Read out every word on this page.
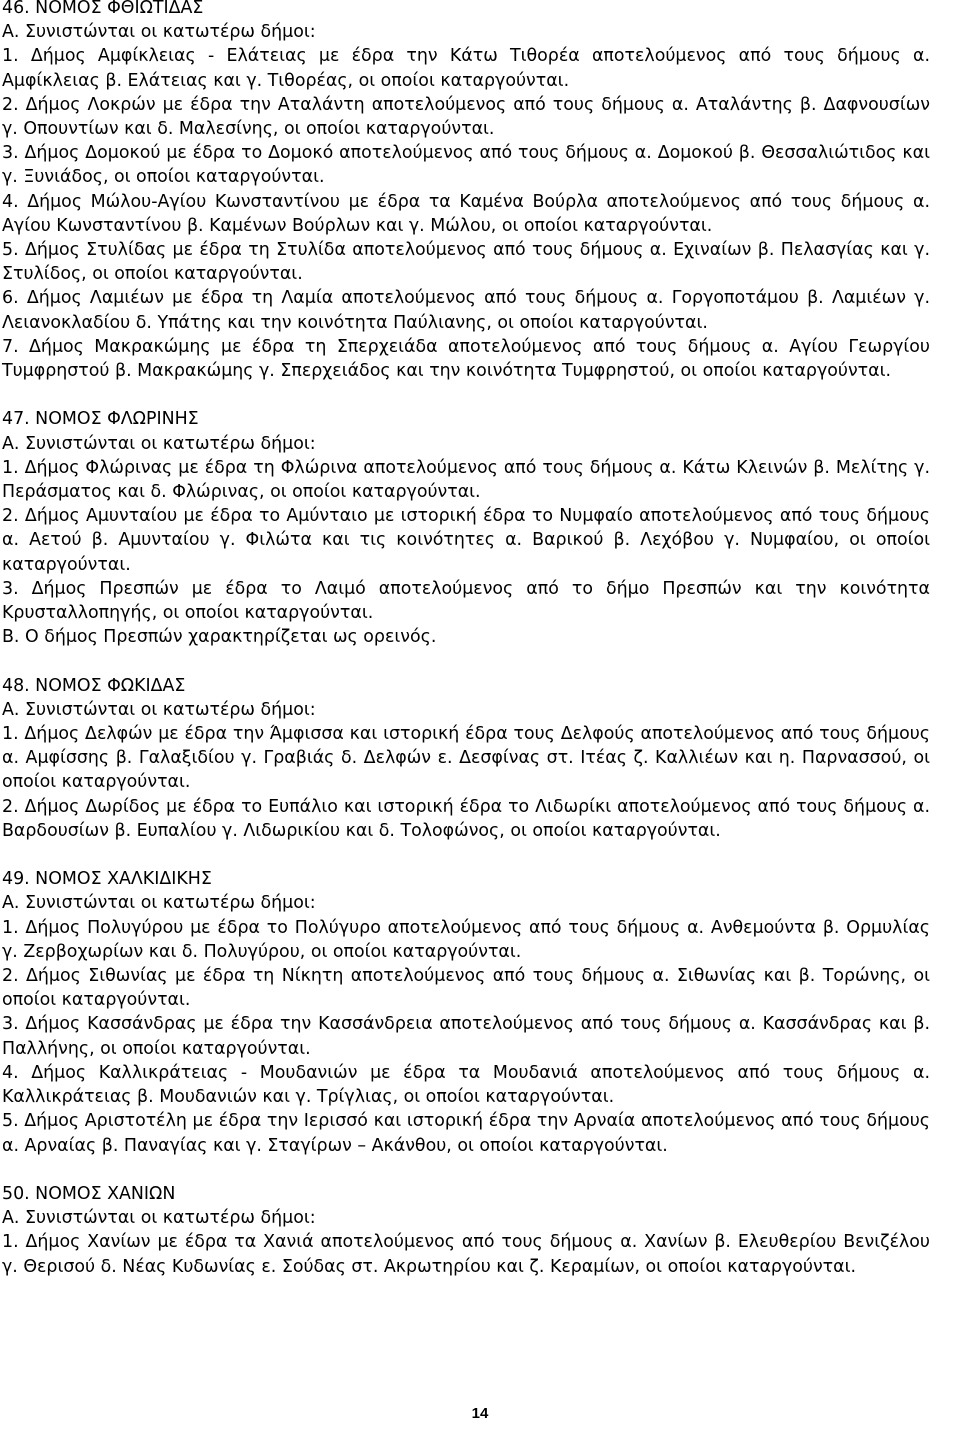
46. ΝΟΜΟΣ ΦΘΙΩΤΙΔΑΣ
Α. Συνιστώνται οι κατωτέρω δήμοι:
1. Δήμος Αμφίκλειας - Ελάτειας με έδρα την Κάτω Τιθορέα αποτελούμενος από τους δήμους α. Αμφίκλειας β. Ελάτειας και γ. Τιθορέας, οι οποίοι καταργούνται.
2. Δήμος Λοκρών με έδρα την Αταλάντη αποτελούμενος από τους δήμους α. Αταλάντης β. Δαφνουσίων γ. Οπουντίων και δ. Μαλεσίνης, οι οποίοι καταργούνται.
3. Δήμος Δομοκού με έδρα το Δομοκό αποτελούμενος από τους δήμους α. Δομοκού β. Θεσσαλιώτιδος και γ. Ξυνιάδος, οι οποίοι καταργούνται.
4. Δήμος Μώλου-Αγίου Κωνσταντίνου με έδρα τα Καμένα Βούρλα αποτελούμενος από τους δήμους α. Αγίου Κωνσταντίνου β. Καμένων Βούρλων και γ. Μώλου, οι οποίοι καταργούνται.
5. Δήμος Στυλίδας με έδρα τη Στυλίδα αποτελούμενος από τους δήμους α. Εχιναίων β. Πελασγίας και γ. Στυλίδος, οι οποίοι καταργούνται.
6. Δήμος Λαμιέων με έδρα τη Λαμία αποτελούμενος από τους δήμους α. Γοργοποτάμου β. Λαμιέων γ. Λειανοκλαδίου δ. Υπάτης και την κοινότητα Παύλιανης, οι οποίοι καταργούνται.
7. Δήμος Μακρακώμης με έδρα τη Σπερχειάδα αποτελούμενος από τους δήμους α. Αγίου Γεωργίου Τυμφρηστού β. Μακρακώμης γ. Σπερχειάδος και την κοινότητα Τυμφρηστού, οι οποίοι καταργούνται.
47. ΝΟΜΟΣ ΦΛΩΡΙΝΗΣ
Α. Συνιστώνται οι κατωτέρω δήμοι:
1. Δήμος Φλώρινας με έδρα τη Φλώρινα αποτελούμενος από τους δήμους α. Κάτω Κλεινών β. Μελίτης γ. Περάσματος και δ. Φλώρινας, οι οποίοι καταργούνται.
2. Δήμος Αμυνταίου με έδρα το Αμύνταιο με ιστορική έδρα το Νυμφαίο αποτελούμενος από τους δήμους α. Αετού β. Αμυνταίου γ. Φιλώτα και τις κοινότητες α. Βαρικού β. Λεχόβου γ. Νυμφαίου, οι οποίοι καταργούνται.
3. Δήμος Πρεσπών με έδρα το Λαιμό αποτελούμενος από το δήμο Πρεσπών και την κοινότητα Κρυσταλλοπηγής, οι οποίοι καταργούνται.
Β. Ο δήμος Πρεσπών χαρακτηρίζεται ως ορεινός.
48. ΝΟΜΟΣ ΦΩΚΙΔΑΣ
Α. Συνιστώνται οι κατωτέρω δήμοι:
1. Δήμος Δελφών με έδρα την Άμφισσα και ιστορική έδρα τους Δελφούς αποτελούμενος από τους δήμους α. Αμφίσσης β. Γαλαξιδίου γ. Γραβιάς δ. Δελφών ε. Δεσφίνας στ. Ιτέας ζ. Καλλιέων και η. Παρνασσού, οι οποίοι καταργούνται.
2. Δήμος Δωρίδος με έδρα το Ευπάλιο και ιστορική έδρα το Λιδωρίκι αποτελούμενος από τους δήμους α. Βαρδουσίων β. Ευπαλίου γ. Λιδωρικίου και δ. Τολοφώνος, οι οποίοι καταργούνται.
49. ΝΟΜΟΣ ΧΑΛΚΙΔΙΚΗΣ
Α. Συνιστώνται οι κατωτέρω δήμοι:
1. Δήμος Πολυγύρου με έδρα το Πολύγυρο αποτελούμενος από τους δήμους α. Ανθεμούντα β. Ορμυλίας γ. Ζερβοχωρίων και δ. Πολυγύρου, οι οποίοι καταργούνται.
2. Δήμος Σιθωνίας με έδρα τη Νίκητη αποτελούμενος από τους δήμους α. Σιθωνίας και β. Τορώνης, οι οποίοι καταργούνται.
3. Δήμος Κασσάνδρας με έδρα την Κασσάνδρεια αποτελούμενος από τους δήμους α. Κασσάνδρας και β. Παλλήνης, οι οποίοι καταργούνται.
4. Δήμος Καλλικράτειας - Μουδανιών με έδρα τα Μουδανιά αποτελούμενος από τους δήμους α. Καλλικράτειας β. Μουδανιών και γ. Τρίγλιας, οι οποίοι καταργούνται.
5. Δήμος Αριστοτέλη με έδρα την Ιερισσό και ιστορική έδρα την Αρναία αποτελούμενος από τους δήμους α. Αρναίας β. Παναγίας και γ. Σταγίρων – Ακάνθου, οι οποίοι καταργούνται.
50. ΝΟΜΟΣ ΧΑΝΙΩΝ
Α. Συνιστώνται οι κατωτέρω δήμοι:
1. Δήμος Χανίων με έδρα τα Χανιά αποτελούμενος από τους δήμους α. Χανίων β. Ελευθερίου Βενιζέλου γ. Θερισού δ. Νέας Κυδωνίας ε. Σούδας στ. Ακρωτηρίου και ζ. Κεραμίων, οι οποίοι καταργούνται.
14
